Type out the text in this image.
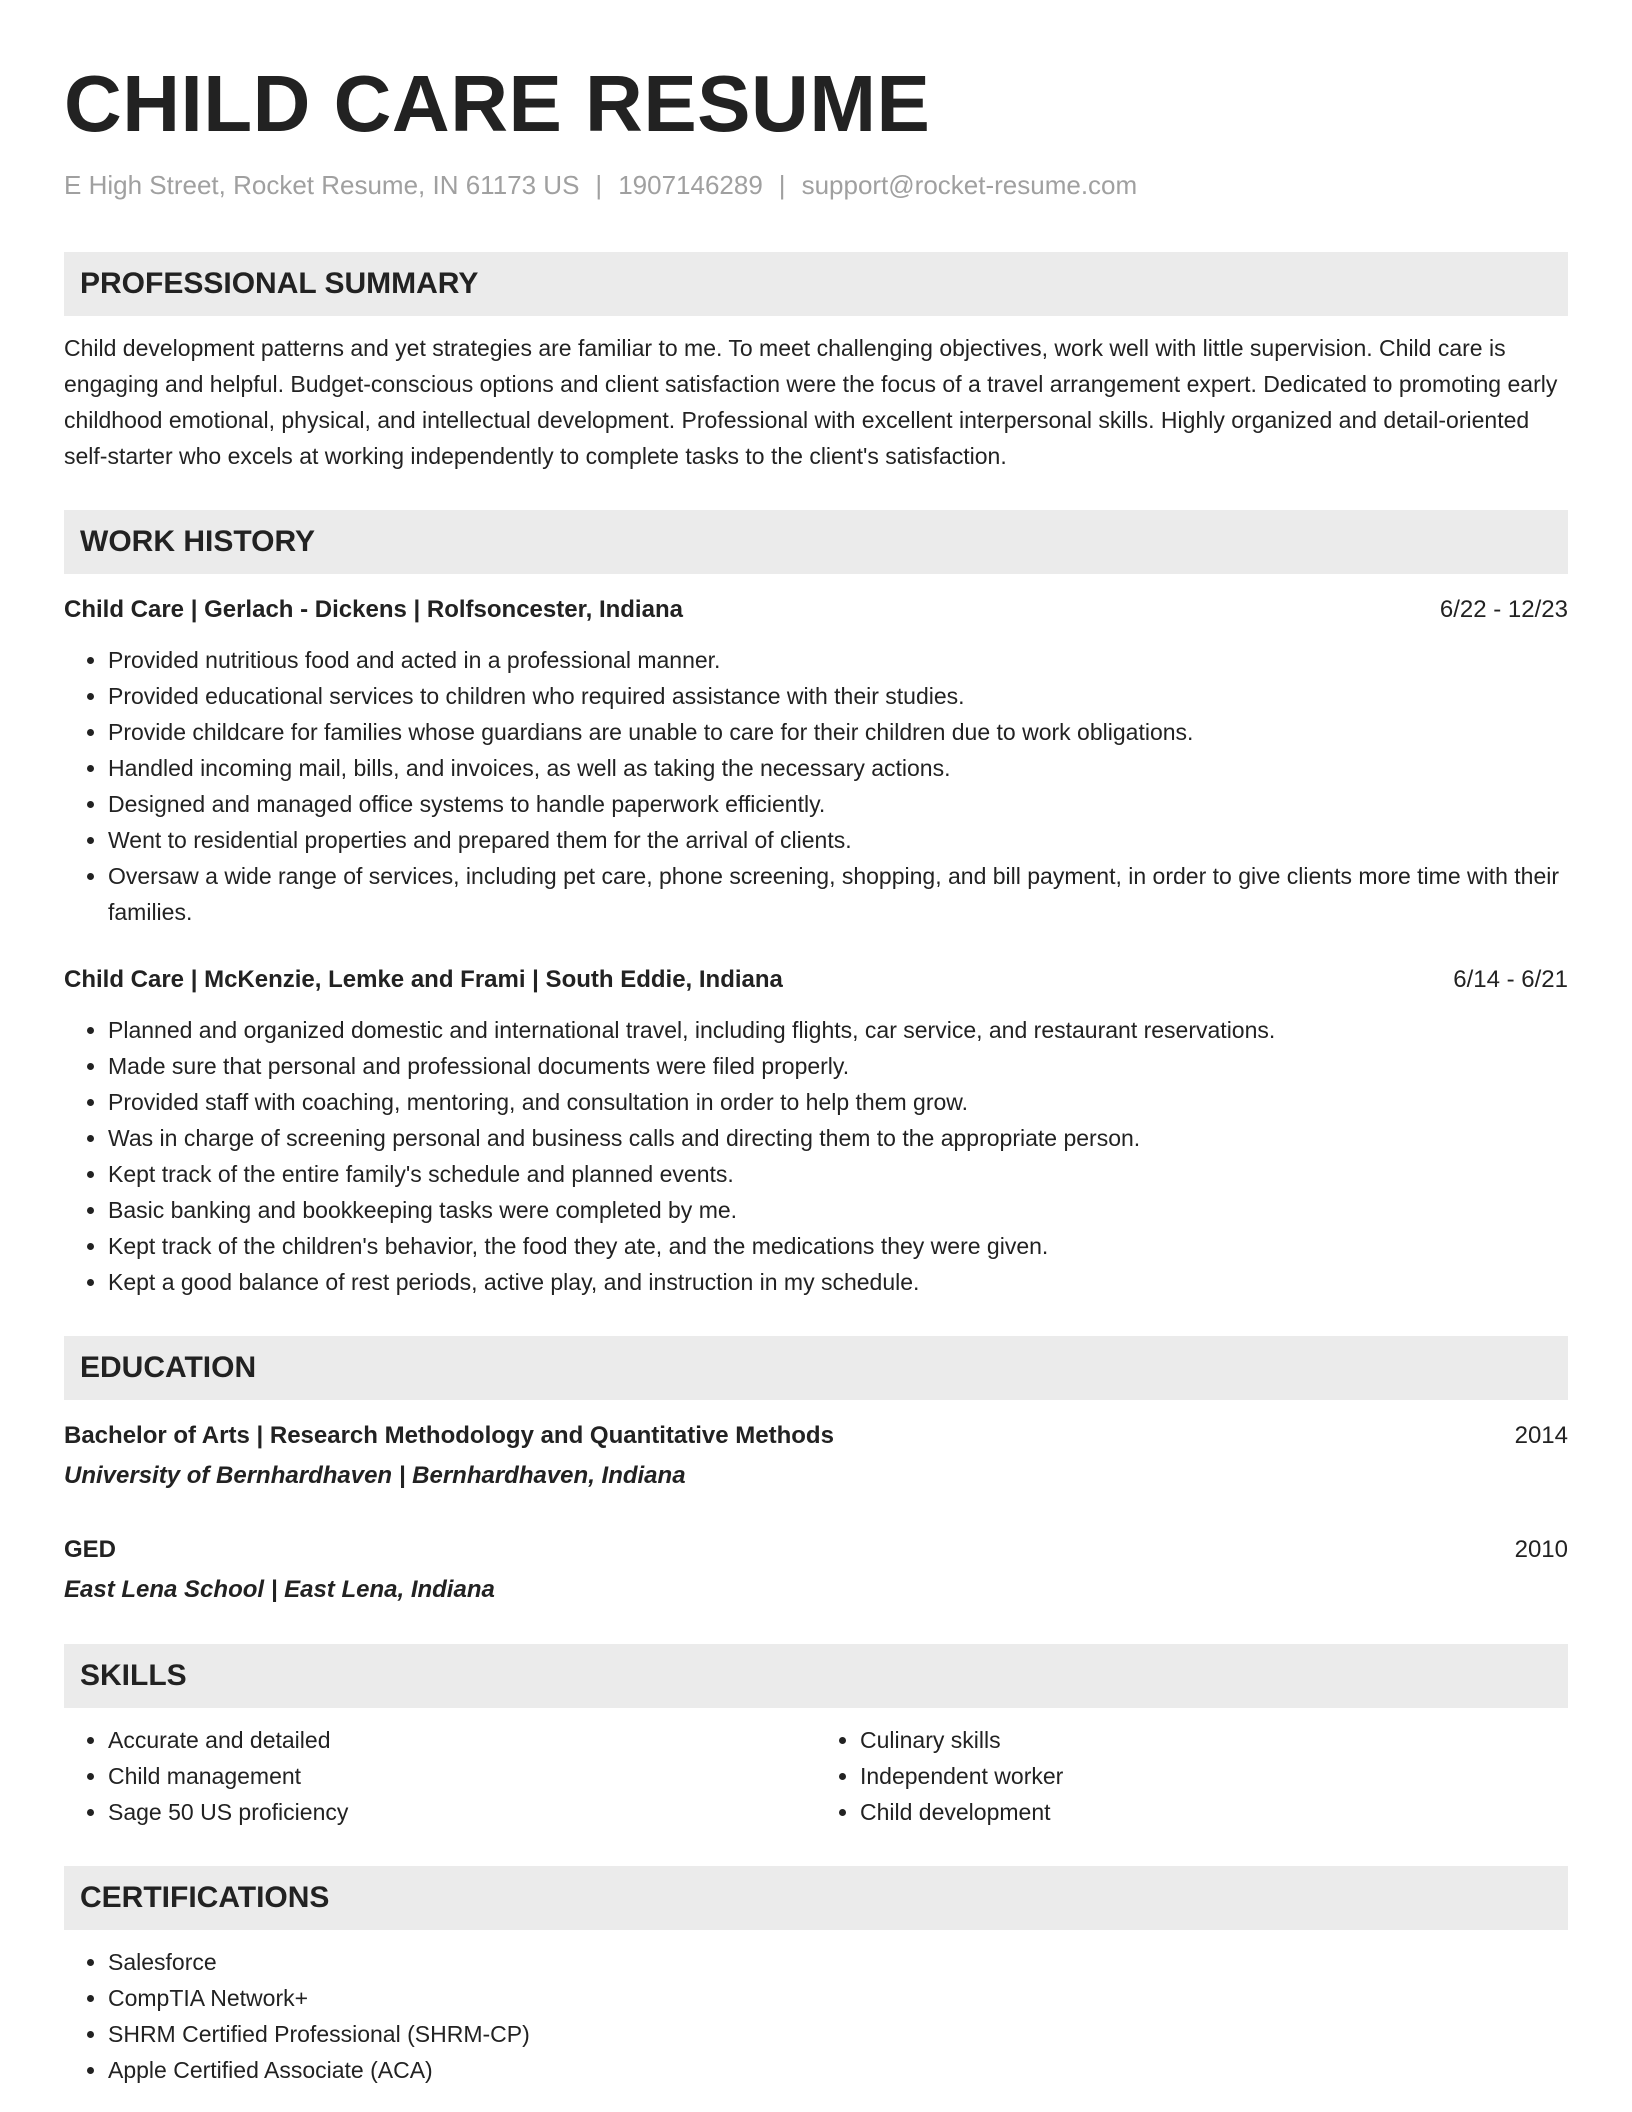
CHILD CARE RESUME
E High Street, Rocket Resume, IN 61173 US | 1907146289 | support@rocket-resume.com
PROFESSIONAL SUMMARY

Child development patterns and yet strategies are familiar to me. To meet challenging objectives, work well with little supervision. Child care is engaging and helpful. Budget-conscious options and client satisfaction were the focus of a travel arrangement expert. Dedicated to promoting early childhood emotional, physical, and intellectual development. Professional with excellent interpersonal skills. Highly organized and detail-oriented self-starter who excels at working independently to complete tasks to the client's satisfaction.

WORK HISTORY
Child Care | Gerlach - Dickens | Rolfsoncester, Indiana	6/22 - 12/23
• Provided nutritious food and acted in a professional manner.
• Provided educational services to children who required assistance with their studies.
• Provide childcare for families whose guardians are unable to care for their children due to work obligations.
• Handled incoming mail, bills, and invoices, as well as taking the necessary actions.
• Designed and managed office systems to handle paperwork efficiently.
• Went to residential properties and prepared them for the arrival of clients.
• Oversaw a wide range of services, including pet care, phone screening, shopping, and bill payment, in order to give clients more time with their families.
Child Care | McKenzie, Lemke and Frami | South Eddie, Indiana	6/14 - 6/21
• Planned and organized domestic and international travel, including flights, car service, and restaurant reservations.
• Made sure that personal and professional documents were filed properly.
• Provided staff with coaching, mentoring, and consultation in order to help them grow.
• Was in charge of screening personal and business calls and directing them to the appropriate person.
• Kept track of the entire family's schedule and planned events.
• Basic banking and bookkeeping tasks were completed by me.
• Kept track of the children's behavior, the food they ate, and the medications they were given.
• Kept a good balance of rest periods, active play, and instruction in my schedule.
EDUCATION
Bachelor of Arts | Research Methodology and Quantitative Methods	2014
University of Bernhardhaven | Bernhardhaven, Indiana
GED	2010
East Lena School | East Lena, Indiana
SKILLS
• Accurate and detailed
• Child management
• Sage 50 US proficiency
• Culinary skills
• Independent worker
• Child development
CERTIFICATIONS
• Salesforce
• CompTIA Network+
• SHRM Certified Professional (SHRM-CP)
• Apple Certified Associate (ACA)
